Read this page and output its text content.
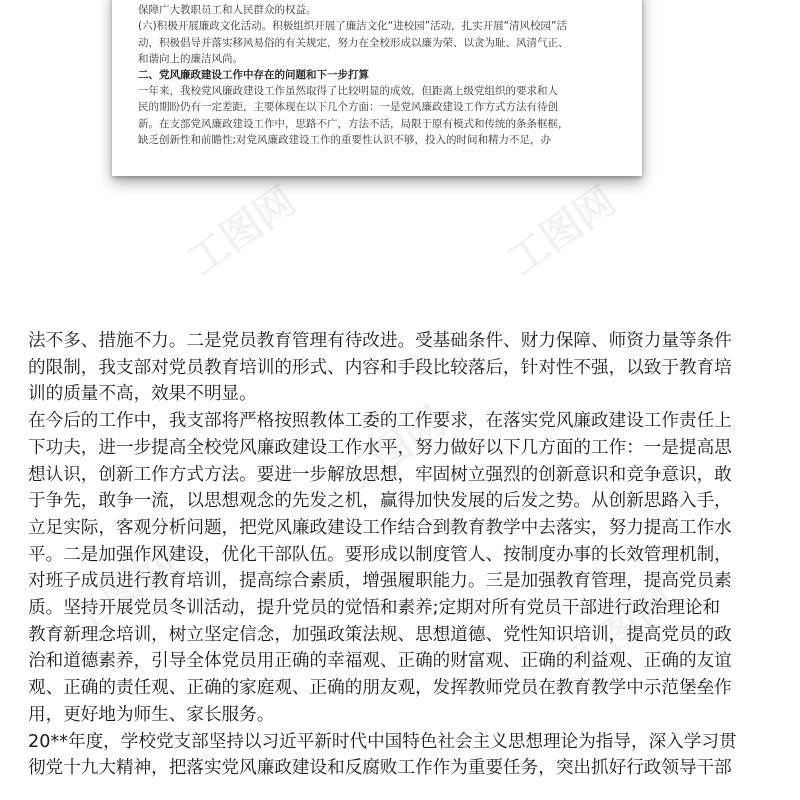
保障广大教职员工和人民群众的权益。

(六)积极开展廉政文化活动。积极组织开展了廉洁文化“进校园”活动，扎实开展“清风校园”活

动，积极倡导并落实移风易俗的有关规定，努力在全校形成以廉为荣、以贪为耻、风清气正、

和谐向上的廉洁风尚。

二、党风廉政建设工作中存在的问题和下一步打算

一年来，我校党风廉政建设工作虽然取得了比较明显的成效，但距离上级党组织的要求和人

民的期盼仍有一定差距，主要体现在以下几个方面：一是党风廉政建设工作方式方法有待创

新。在支部党风廉政建设工作中，思路不广，方法不活，局限于原有模式和传统的条条框框，

缺乏创新性和前瞻性;对党风廉政建设工作的重要性认识不够，投入的时间和精力不足，办

工图网	工图网
工图网
工图网	工图网

法不多、措施不力。二是党员教育管理有待改进。受基础条件、财力保障、师资力量等条件

的限制，我支部对党员教育培训的形式、内容和手段比较落后，针对性不强，以致于教育培

训的质量不高，效果不明显。

在今后的工作中，我支部将严格按照教体工委的工作要求，在落实党风廉政建设工作责任上

下功夫，进一步提高全校党风廉政建设工作水平，努力做好以下几方面的工作：一是提高思

想认识，创新工作方式方法。要进一步解放思想，牢固树立强烈的创新意识和竞争意识，敢

于争先，敢争一流，以思想观念的先发之机，赢得加快发展的后发之势。从创新思路入手，

立足实际，客观分析问题，把党风廉政建设工作结合到教育教学中去落实，努力提高工作水

平。二是加强作风建设，优化干部队伍。要形成以制度管人、按制度办事的长效管理机制，

对班子成员进行教育培训，提高综合素质，增强履职能力。三是加强教育管理，提高党员素

质。坚持开展党员冬训活动，提升党员的觉悟和素养;定期对所有党员干部进行政治理论和

教育新理念培训，树立坚定信念，加强政策法规、思想道德、党性知识培训，提高党员的政

治和道德素养，引导全体党员用正确的幸福观、正确的财富观、正确的利益观、正确的友谊

观、正确的责任观、正确的家庭观、正确的朋友观，发挥教师党员在教育教学中示范堡垒作

用，更好地为师生、家长服务。

20**年度，学校党支部坚持以习近平新时代中国特色社会主义思想理论为指导，深入学习贯

彻党十九大精神，把落实党风廉政建设和反腐败工作作为重要任务，突出抓好行政领导干部
